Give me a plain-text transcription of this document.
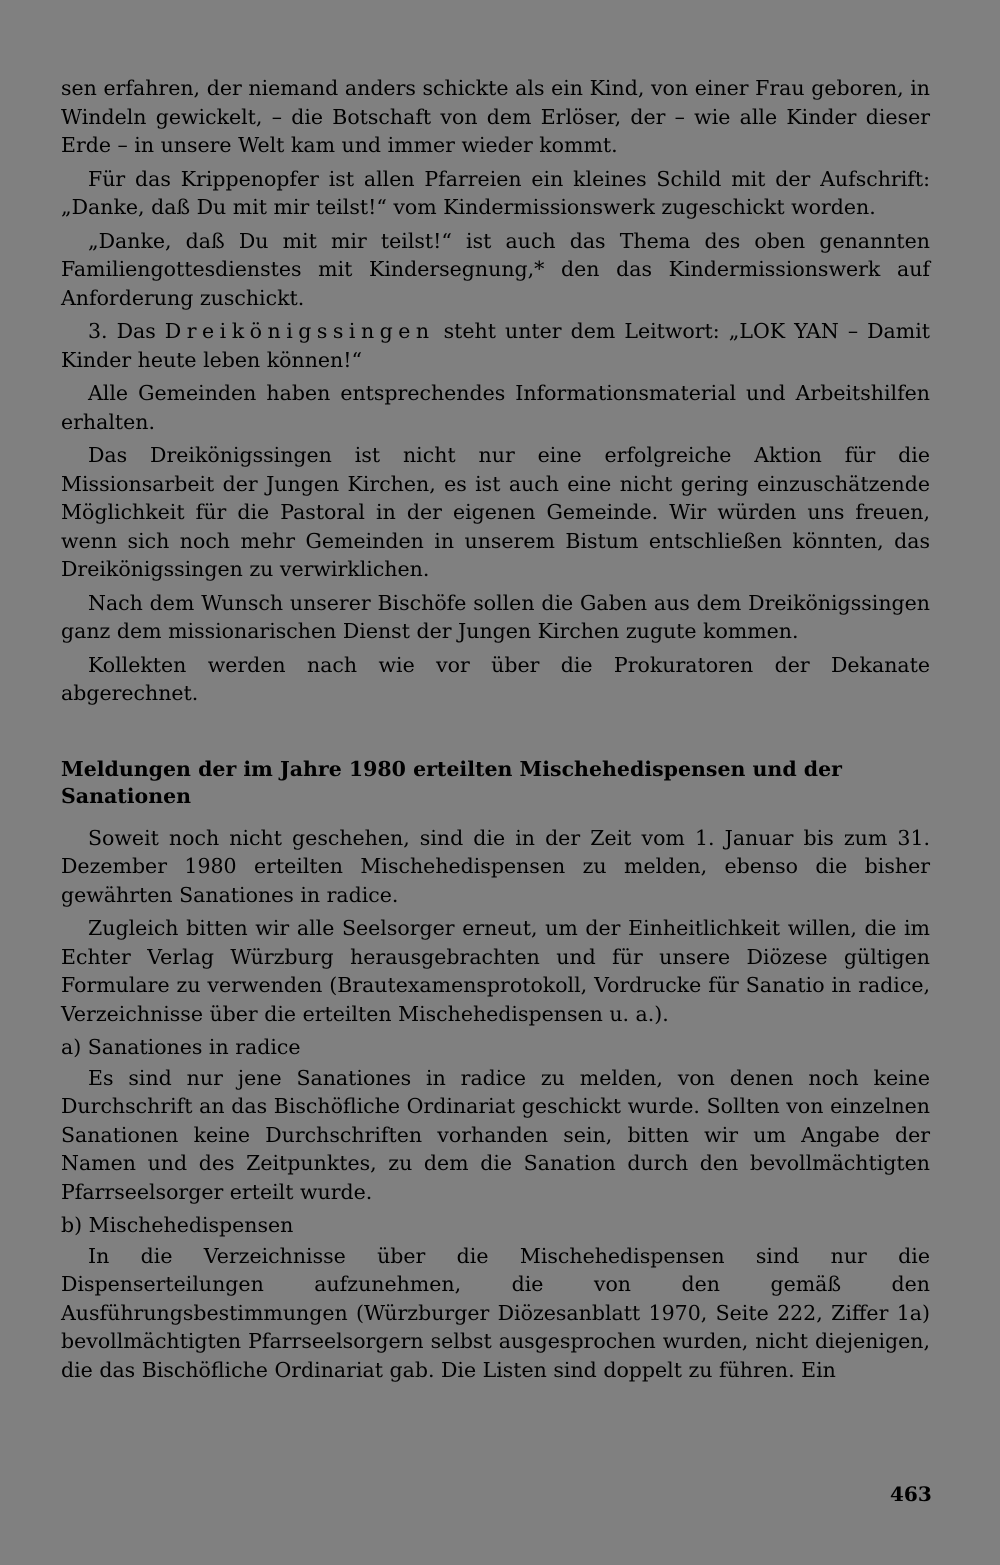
sen erfahren, der niemand anders schickte als ein Kind, von einer Frau geboren, in Windeln gewickelt, – die Botschaft von dem Erlöser, der – wie alle Kinder dieser Erde – in unsere Welt kam und immer wieder kommt.

Für das Krippenopfer ist allen Pfarreien ein kleines Schild mit der Aufschrift: „Danke, daß Du mit mir teilst!“ vom Kindermissionswerk zugeschickt worden.

„Danke, daß Du mit mir teilst!“ ist auch das Thema des oben genannten Familiengottesdienstes mit Kindersegnung,* den das Kindermissionswerk auf Anforderung zuschickt.

3. Das Dreikönigssingen steht unter dem Leitwort: „LOK YAN – Damit Kinder heute leben können!“

Alle Gemeinden haben entsprechendes Informationsmaterial und Arbeitshilfen erhalten.

Das Dreikönigssingen ist nicht nur eine erfolgreiche Aktion für die Missionsarbeit der Jungen Kirchen, es ist auch eine nicht gering einzuschätzende Möglichkeit für die Pastoral in der eigenen Gemeinde. Wir würden uns freuen, wenn sich noch mehr Gemeinden in unserem Bistum entschließen könnten, das Dreikönigssingen zu verwirklichen.

Nach dem Wunsch unserer Bischöfe sollen die Gaben aus dem Dreikönigssingen ganz dem missionarischen Dienst der Jungen Kirchen zugute kommen.

Kollekten werden nach wie vor über die Prokuratoren der Dekanate abgerechnet.

Meldungen der im Jahre 1980 erteilten Mischehedispensen und der Sanationen

Soweit noch nicht geschehen, sind die in der Zeit vom 1. Januar bis zum 31. Dezember 1980 erteilten Mischehedispensen zu melden, ebenso die bisher gewährten Sanationes in radice.

Zugleich bitten wir alle Seelsorger erneut, um der Einheitlichkeit willen, die im Echter Verlag Würzburg herausgebrachten und für unsere Diözese gültigen Formulare zu verwenden (Brautexamensprotokoll, Vordrucke für Sanatio in radice, Verzeichnisse über die erteilten Mischehedispensen u. a.).

a) Sanationes in radice

Es sind nur jene Sanationes in radice zu melden, von denen noch keine Durchschrift an das Bischöfliche Ordinariat geschickt wurde. Sollten von einzelnen Sanationen keine Durchschriften vorhanden sein, bitten wir um Angabe der Namen und des Zeitpunktes, zu dem die Sanation durch den bevollmächtigten Pfarrseelsorger erteilt wurde.

b) Mischehedispensen

In die Verzeichnisse über die Mischehedispensen sind nur die Dispenserteilungen aufzunehmen, die von den gemäß den Ausführungsbestimmungen (Würzburger Diözesanblatt 1970, Seite 222, Ziffer 1a) bevollmächtigten Pfarrseelsorgern selbst ausgesprochen wurden, nicht diejenigen, die das Bischöfliche Ordinariat gab. Die Listen sind doppelt zu führen. Ein

463
